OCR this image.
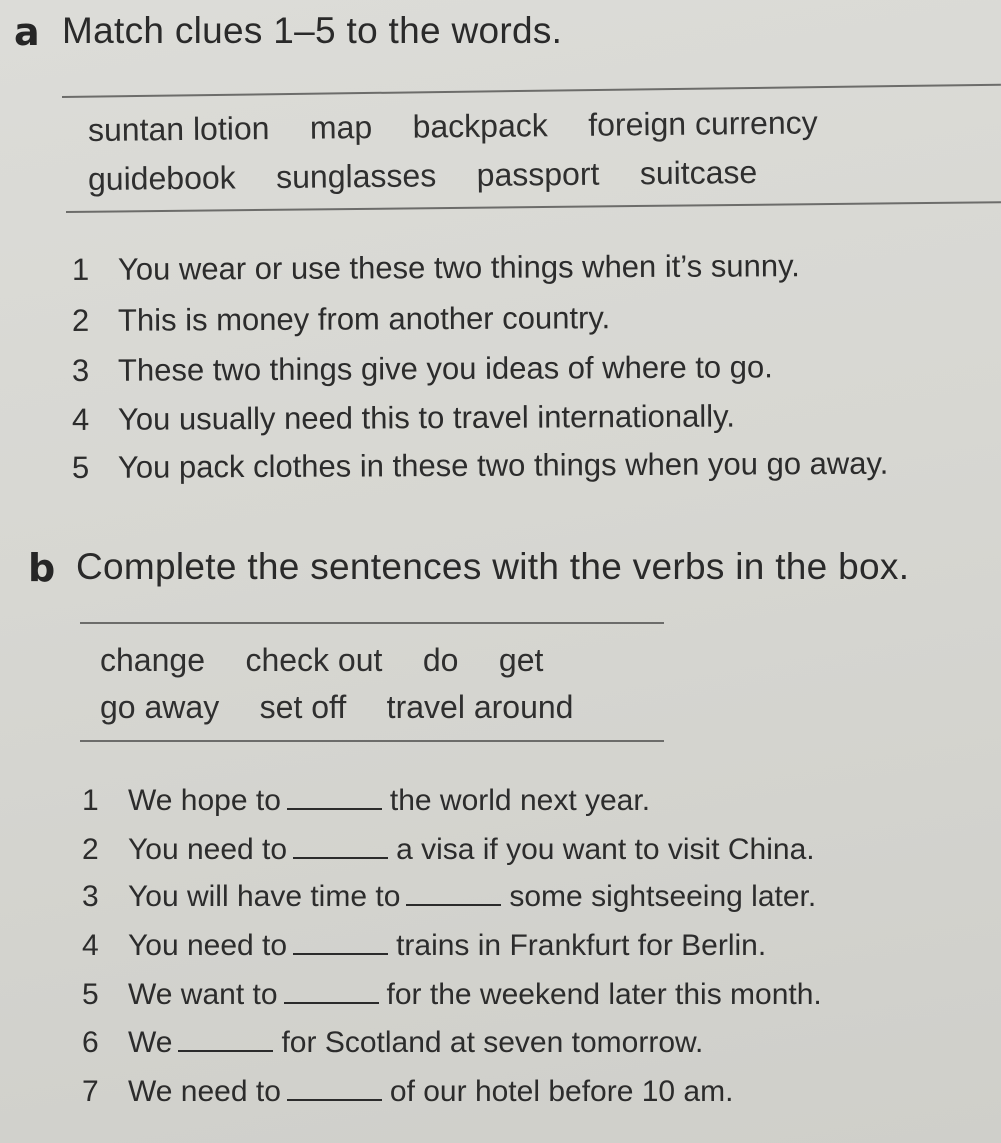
a Match clues 1–5 to the words.
suntan lotion map backpack foreign currency
guidebook sunglasses passport suitcase
1 You wear or use these two things when it’s sunny.
2 This is money from another country.
3 These two things give you ideas of where to go.
4 You usually need this to travel internationally.
5 You pack clothes in these two things when you go away.
b Complete the sentences with the verbs in the box.
change check out do get
go away set off travel around
1 We hope to	the world next year.
2 You need to	a visa if you want to visit China.
3 You will have time to	some sightseeing later.
4 You need to	trains in Frankfurt for Berlin.
5 We want to	for the weekend later this month.
6 We	for Scotland at seven tomorrow.
7 We need to	of our hotel before 10 am.
